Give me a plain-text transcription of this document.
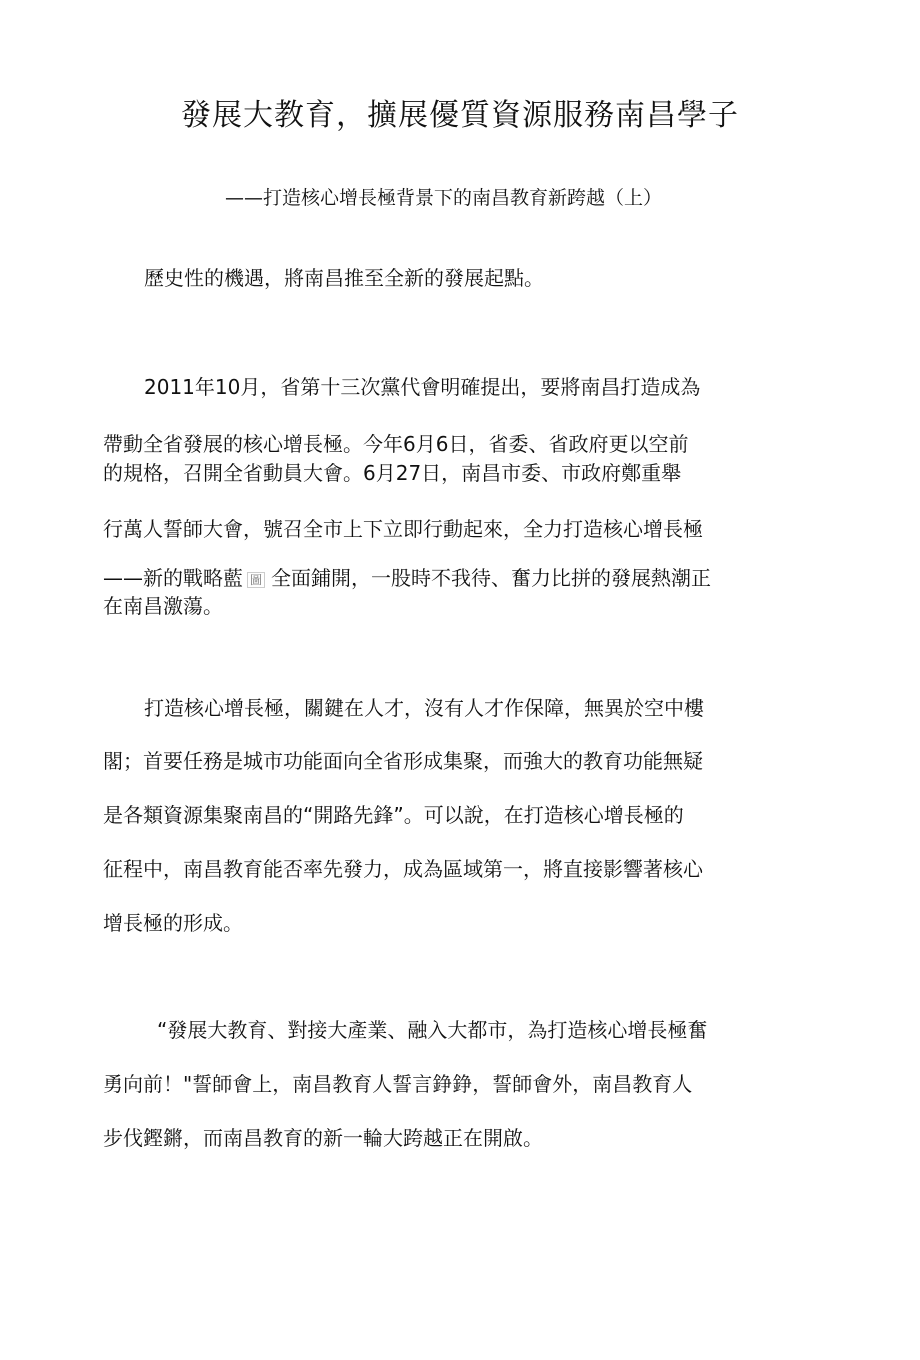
發展大教育，擴展優質資源服務南昌學子
——打造核心增長極背景下的南昌教育新跨越（上）
歷史性的機遇，將南昌推至全新的發展起點。
2011年10月，省第十三次黨代會明確提出，要將南昌打造成為
帶動全省發展的核心增長極。今年6月6日，省委、省政府更以空前
的規格，召開全省動員大會。6月27日，南昌市委、市政府鄭重舉
行萬人誓師大會，號召全市上下立即行動起來，全力打造核心增長極
——新的戰略藍 圖 全面鋪開，一股時不我待、奮力比拼的發展熱潮正
在南昌激蕩。
打造核心增長極，關鍵在人才，沒有人才作保障，無異於空中樓
閣；首要任務是城市功能面向全省形成集聚，而強大的教育功能無疑
是各類資源集聚南昌的“開路先鋒”。可以說，在打造核心增長極的
征程中，南昌教育能否率先發力，成為區域第一，將直接影響著核心
增長極的形成。
“發展大教育、對接大產業、融入大都市，為打造核心增長極奮
勇向前！"誓師會上，南昌教育人誓言錚錚，誓師會外，南昌教育人
步伐鏗鏘，而南昌教育的新一輪大跨越正在開啟。
